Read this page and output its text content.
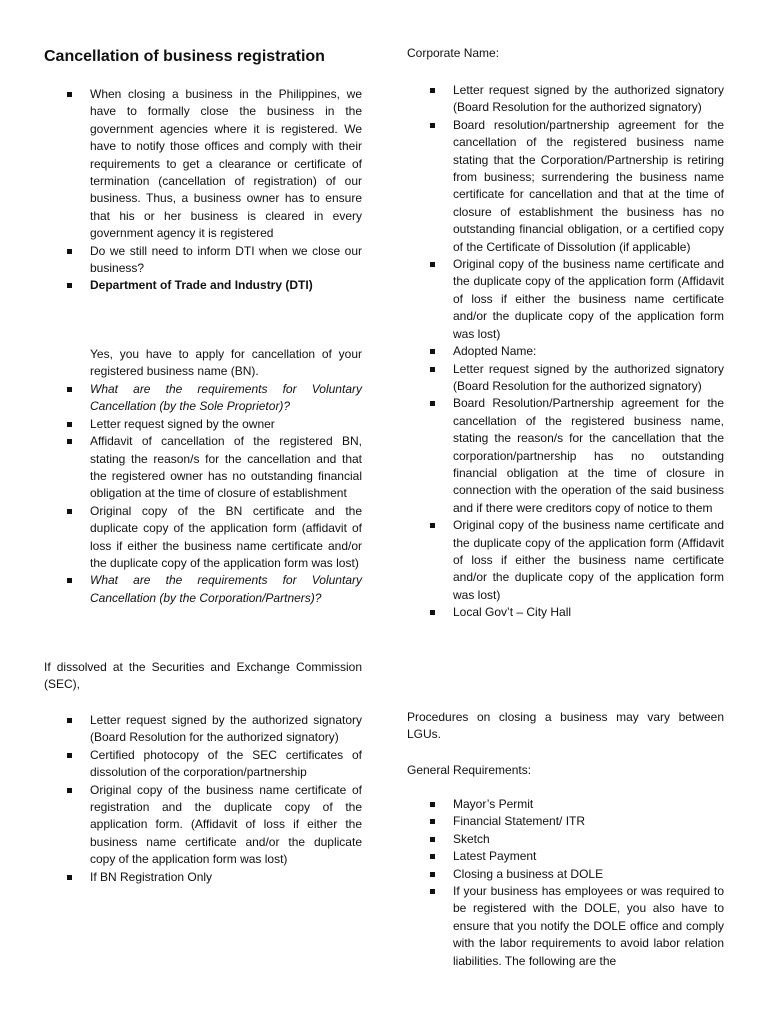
Cancellation of business registration
When closing a business in the Philippines, we have to formally close the business in the government agencies where it is registered. We have to notify those offices and comply with their requirements to get a clearance or certificate of termination (cancellation of registration) of our business. Thus, a business owner has to ensure that his or her business is cleared in every government agency it is registered
Do we still need to inform DTI when we close our business?
Department of Trade and Industry (DTI)
Yes, you have to apply for cancellation of your registered business name (BN).
What are the requirements for Voluntary Cancellation (by the Sole Proprietor)?
Letter request signed by the owner
Affidavit of cancellation of the registered BN, stating the reason/s for the cancellation and that the registered owner has no outstanding financial obligation at the time of closure of establishment
Original copy of the BN certificate and the duplicate copy of the application form (affidavit of loss if either the business name certificate and/or the duplicate copy of the application form was lost)
What are the requirements for Voluntary Cancellation (by the Corporation/Partners)?
If dissolved at the Securities and Exchange Commission (SEC),
Letter request signed by the authorized signatory (Board Resolution for the authorized signatory)
Certified photocopy of the SEC certificates of dissolution of the corporation/partnership
Original copy of the business name certificate of registration and the duplicate copy of the application form. (Affidavit of loss if either the business name certificate and/or the duplicate copy of the application form was lost)
If BN Registration Only
Corporate Name:
Letter request signed by the authorized signatory (Board Resolution for the authorized signatory)
Board resolution/partnership agreement for the cancellation of the registered business name stating that the Corporation/Partnership is retiring from business; surrendering the business name certificate for cancellation and that at the time of closure of establishment the business has no outstanding financial obligation, or a certified copy of the Certificate of Dissolution (if applicable)
Original copy of the business name certificate and the duplicate copy of the application form (Affidavit of loss if either the business name certificate and/or the duplicate copy of the application form was lost)
Adopted Name:
Letter request signed by the authorized signatory (Board Resolution for the authorized signatory)
Board Resolution/Partnership agreement for the cancellation of the registered business name, stating the reason/s for the cancellation that the corporation/partnership has no outstanding financial obligation at the time of closure in connection with the operation of the said business and if there were creditors copy of notice to them
Original copy of the business name certificate and the duplicate copy of the application form (Affidavit of loss if either the business name certificate and/or the duplicate copy of the application form was lost)
Local Gov’t – City Hall
Procedures on closing a business may vary between LGUs.
General Requirements:
Mayor’s Permit
Financial Statement/ ITR
Sketch
Latest Payment
Closing a business at DOLE
If your business has employees or was required to be registered with the DOLE, you also have to ensure that you notify the DOLE office and comply with the labor requirements to avoid labor relation liabilities. The following are the
